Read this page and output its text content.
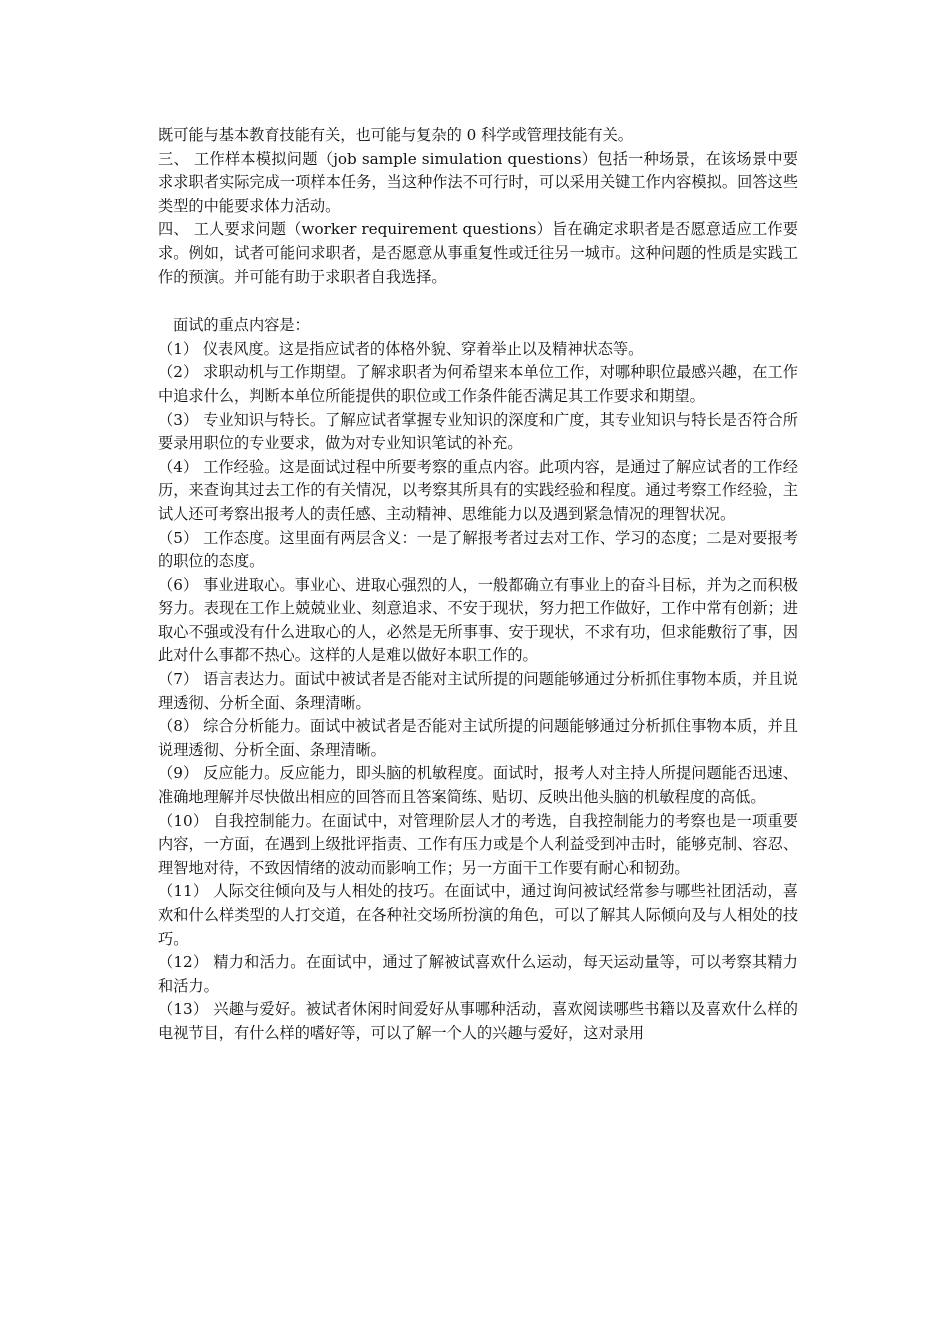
既可能与基本教育技能有关，也可能与复杂的 0 科学或管理技能有关。

三、 工作样本模拟问题（job sample simulation questions）包括一种场景，在该场景中要求求职者实际完成一项样本任务，当这种作法不可行时，可以采用关键工作内容模拟。回答这些类型的中能要求体力活动。

四、 工人要求问题（worker requirement questions）旨在确定求职者是否愿意适应工作要求。例如，试者可能问求职者，是否愿意从事重复性或迁往另一城市。这种问题的性质是实践工作的预演。并可能有助于求职者自我选择。

面试的重点内容是：

（1） 仪表风度。这是指应试者的体格外貌、穿着举止以及精神状态等。

（2） 求职动机与工作期望。了解求职者为何希望来本单位工作，对哪种职位最感兴趣，在工作中追求什么，判断本单位所能提供的职位或工作条件能否满足其工作要求和期望。

（3） 专业知识与特长。了解应试者掌握专业知识的深度和广度，其专业知识与特长是否符合所要录用职位的专业要求，做为对专业知识笔试的补充。

（4） 工作经验。这是面试过程中所要考察的重点内容。此项内容，是通过了解应试者的工作经历，来查询其过去工作的有关情况，以考察其所具有的实践经验和程度。通过考察工作经验，主试人还可考察出报考人的责任感、主动精神、思维能力以及遇到紧急情况的理智状况。

（5） 工作态度。这里面有两层含义：一是了解报考者过去对工作、学习的态度；二是对要报考的职位的态度。

（6） 事业进取心。事业心、进取心强烈的人，一般都确立有事业上的奋斗目标，并为之而积极努力。表现在工作上兢兢业业、刻意追求、不安于现状，努力把工作做好，工作中常有创新；进取心不强或没有什么进取心的人，必然是无所事事、安于现状，不求有功，但求能敷衍了事，因此对什么事都不热心。这样的人是难以做好本职工作的。

（7） 语言表达力。面试中被试者是否能对主试所提的问题能够通过分析抓住事物本质，并且说理透彻、分析全面、条理清晰。

（8） 综合分析能力。面试中被试者是否能对主试所提的问题能够通过分析抓住事物本质，并且说理透彻、分析全面、条理清晰。

（9） 反应能力。反应能力，即头脑的机敏程度。面试时，报考人对主持人所提问题能否迅速、准确地理解并尽快做出相应的回答而且答案简练、贴切、反映出他头脑的机敏程度的高低。

（10） 自我控制能力。在面试中，对管理阶层人才的考选，自我控制能力的考察也是一项重要内容，一方面，在遇到上级批评指责、工作有压力或是个人利益受到冲击时，能够克制、容忍、理智地对待，不致因情绪的波动而影响工作；另一方面干工作要有耐心和韧劲。

（11） 人际交往倾向及与人相处的技巧。在面试中，通过询问被试经常参与哪些社团活动，喜欢和什么样类型的人打交道，在各种社交场所扮演的角色，可以了解其人际倾向及与人相处的技巧。

（12） 精力和活力。在面试中，通过了解被试喜欢什么运动，每天运动量等，可以考察其精力和活力。

（13） 兴趣与爱好。被试者休闲时间爱好从事哪种活动，喜欢阅读哪些书籍以及喜欢什么样的电视节目，有什么样的嗜好等，可以了解一个人的兴趣与爱好，这对录用
